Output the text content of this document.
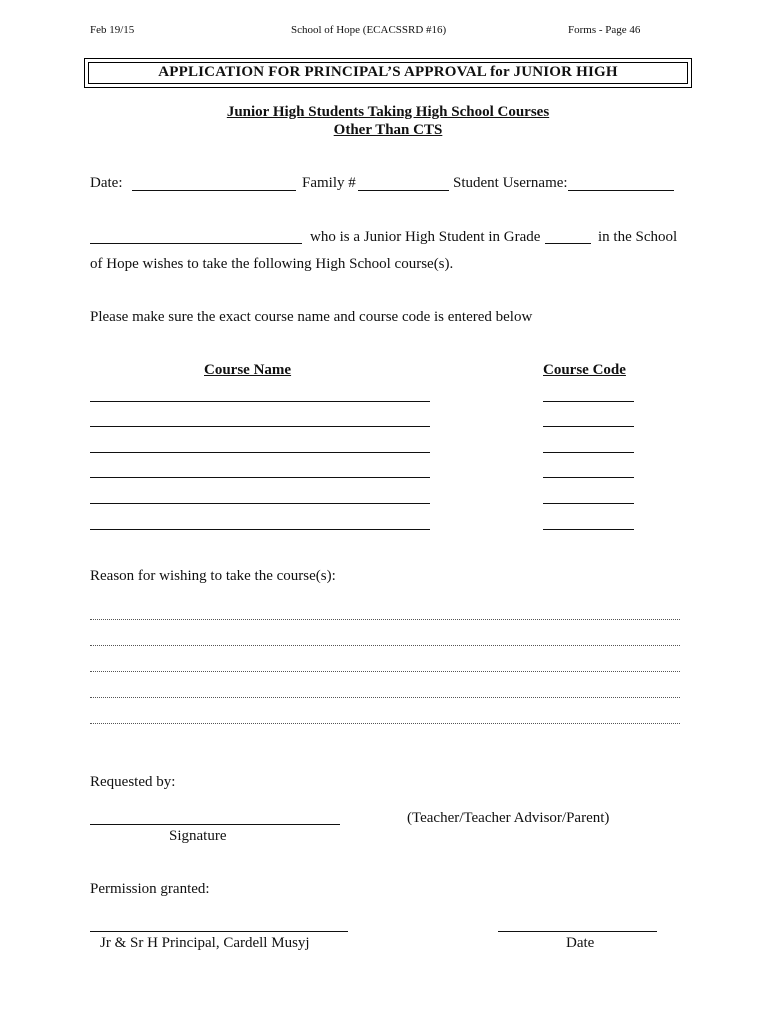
Feb 19/15	School of Hope (ECACSSRD #16)	Forms - Page 46
APPLICATION FOR PRINCIPAL’S APPROVAL for JUNIOR HIGH
Junior High Students Taking High School Courses
Other Than CTS
Date:	Family #	Student Username:
who is a Junior High Student in Grade	in the School
of Hope wishes to take the following High School course(s).
Please make sure the exact course name and course code is entered below
Course Name	Course Code
Reason for wishing to take the course(s):
Requested by:
(Teacher/Teacher Advisor/Parent)
Signature
Permission granted:
Jr & Sr H Principal, Cardell Musyj	Date
